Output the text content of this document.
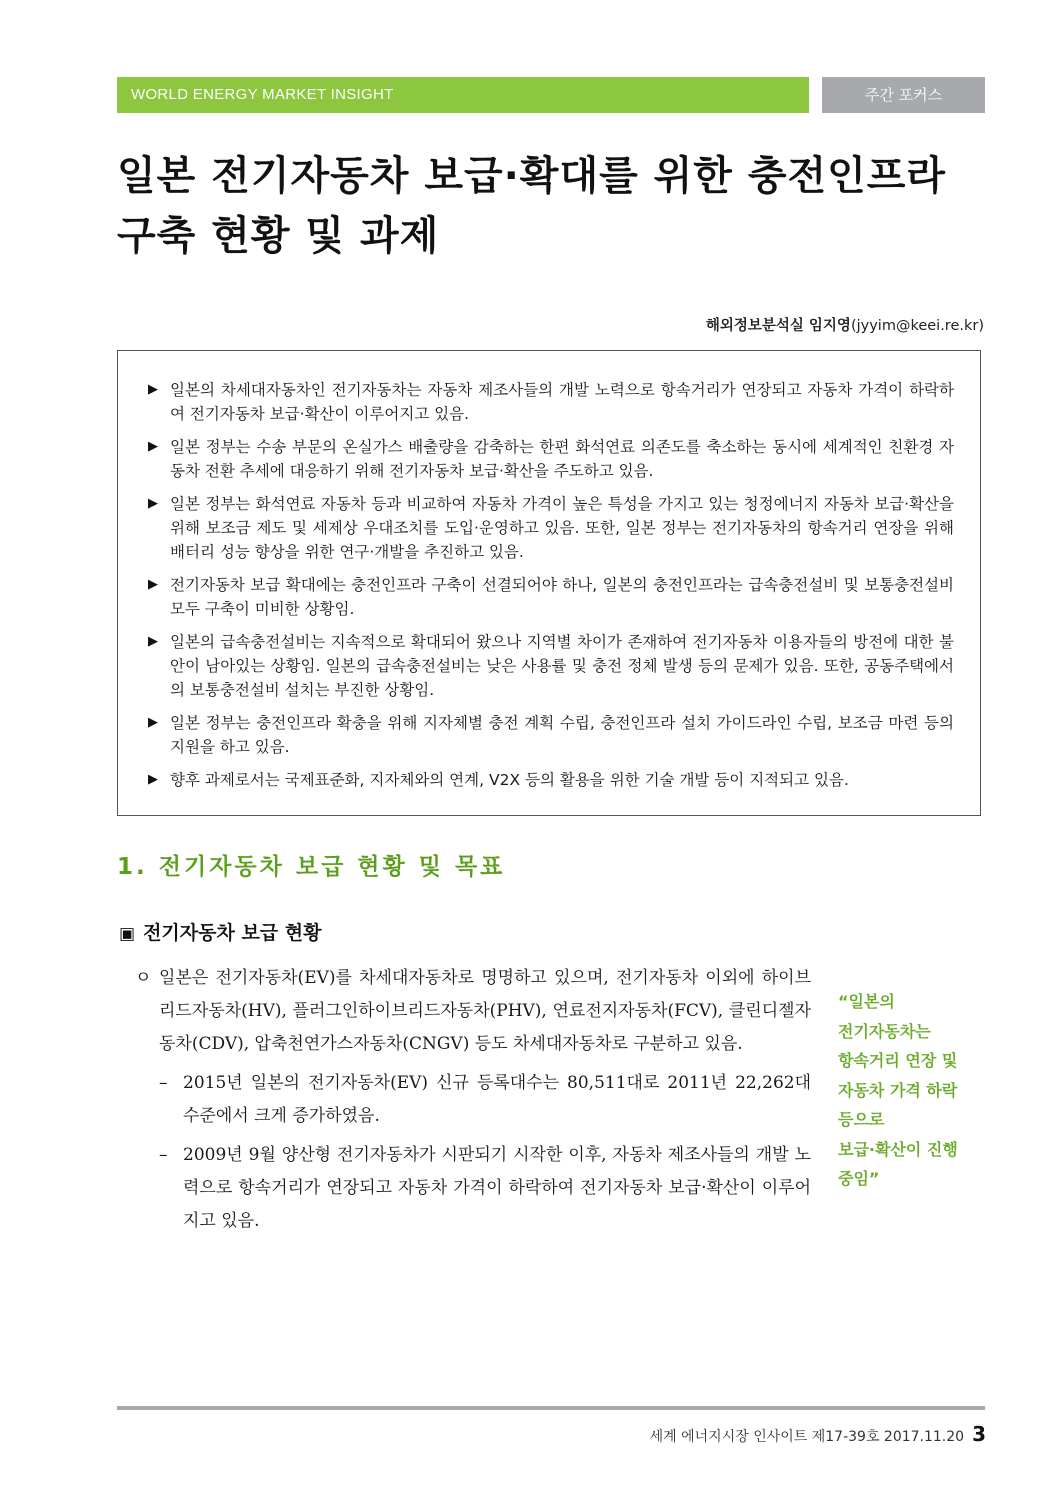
WORLD ENERGY MARKET INSIGHT	주간 포커스
일본 전기자동차 보급·확대를 위한 충전인프라
구축 현황 및 과제
해외정보분석실 임지영(jyyim@keei.re.kr)
▶ 일본의 차세대자동차인 전기자동차는 자동차 제조사들의 개발 노력으로 항속거리가 연장되고 자동차 가격이 하락하여 전기자동차 보급·확산이 이루어지고 있음.
▶ 일본 정부는 수송 부문의 온실가스 배출량을 감축하는 한편 화석연료 의존도를 축소하는 동시에 세계적인 친환경 자동차 전환 추세에 대응하기 위해 전기자동차 보급·확산을 주도하고 있음.
▶ 일본 정부는 화석연료 자동차 등과 비교하여 자동차 가격이 높은 특성을 가지고 있는 청정에너지 자동차 보급·확산을 위해 보조금 제도 및 세제상 우대조치를 도입·운영하고 있음. 또한, 일본 정부는 전기자동차의 항속거리 연장을 위해 배터리 성능 향상을 위한 연구·개발을 추진하고 있음.
▶ 전기자동차 보급 확대에는 충전인프라 구축이 선결되어야 하나, 일본의 충전인프라는 급속충전설비 및 보통충전설비 모두 구축이 미비한 상황임.
▶ 일본의 급속충전설비는 지속적으로 확대되어 왔으나 지역별 차이가 존재하여 전기자동차 이용자들의 방전에 대한 불안이 남아있는 상황임. 일본의 급속충전설비는 낮은 사용률 및 충전 정체 발생 등의 문제가 있음. 또한, 공동주택에서의 보통충전설비 설치는 부진한 상황임.
▶ 일본 정부는 충전인프라 확충을 위해 지자체별 충전 계획 수립, 충전인프라 설치 가이드라인 수립, 보조금 마련 등의 지원을 하고 있음.
▶ 향후 과제로서는 국제표준화, 지자체와의 연계, V2X 등의 활용을 위한 기술 개발 등이 지적되고 있음.
1. 전기자동차 보급 현황 및 목표
▣ 전기자동차 보급 현황
ㅇ 일본은 전기자동차(EV)를 차세대자동차로 명명하고 있으며, 전기자동차 이외에 하이브리드자동차(HV), 플러그인하이브리드자동차(PHV), 연료전지자동차(FCV), 클린디젤자동차(CDV), 압축천연가스자동차(CNGV) 등도 차세대자동차로 구분하고 있음.
– 2015년 일본의 전기자동차(EV) 신규 등록대수는 80,511대로 2011년 22,262대 수준에서 크게 증가하였음.
– 2009년 9월 양산형 전기자동차가 시판되기 시작한 이후, 자동차 제조사들의 개발 노력으로 항속거리가 연장되고 자동차 가격이 하락하여 전기자동차 보급·확산이 이루어지고 있음.
“일본의
전기자동차는
항속거리 연장 및
자동차 가격 하락
등으로
보급·확산이 진행
중임”
세계 에너지시장 인사이트 제17-39호 2017.11.20 3
